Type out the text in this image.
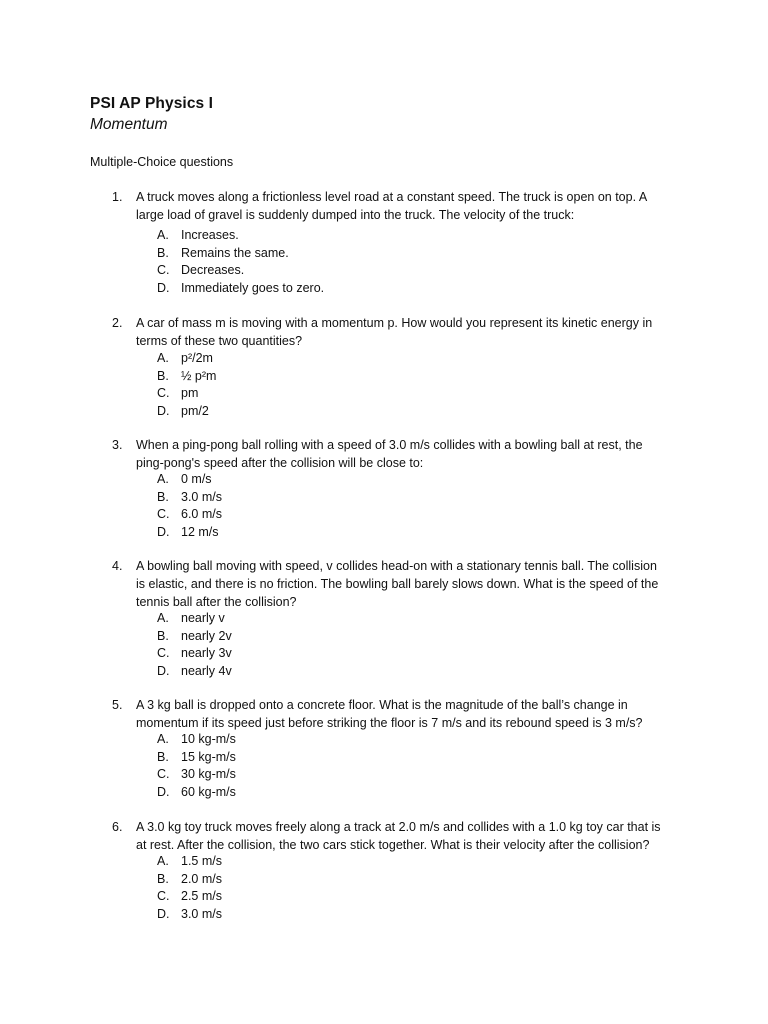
PSI AP Physics I
Momentum
Multiple-Choice questions
1.	A truck moves along a frictionless level road at a constant speed. The truck is open on top. A
large load of gravel is suddenly dumped into the truck. The velocity of the truck:
A. Increases.
B. Remains the same.
C. Decreases.
D. Immediately goes to zero.
2.	A car of mass m is moving with a momentum p. How would you represent its kinetic energy in
terms of these two quantities?
A. p²/2m
B. ½ p²m
C. pm
D. pm/2
3.	When a ping-pong ball rolling with a speed of 3.0 m/s collides with a bowling ball at rest, the
ping-pong's speed after the collision will be close to:
A. 0 m/s
B. 3.0 m/s
C. 6.0 m/s
D. 12 m/s
4.	A bowling ball moving with speed, v collides head-on with a stationary tennis ball. The collision
is elastic, and there is no friction. The bowling ball barely slows down. What is the speed of the
tennis ball after the collision?
A. nearly v
B. nearly 2v
C. nearly 3v
D. nearly 4v
5.	A 3 kg ball is dropped onto a concrete floor. What is the magnitude of the ball’s change in
momentum if its speed just before striking the floor is 7 m/s and its rebound speed is 3 m/s?
A. 10 kg-m/s
B. 15 kg-m/s
C. 30 kg-m/s
D. 60 kg-m/s
6.	A 3.0 kg toy truck moves freely along a track at 2.0 m/s and collides with a 1.0 kg toy car that is
at rest. After the collision, the two cars stick together. What is their velocity after the collision?
A. 1.5 m/s
B. 2.0 m/s
C. 2.5 m/s
D. 3.0 m/s
